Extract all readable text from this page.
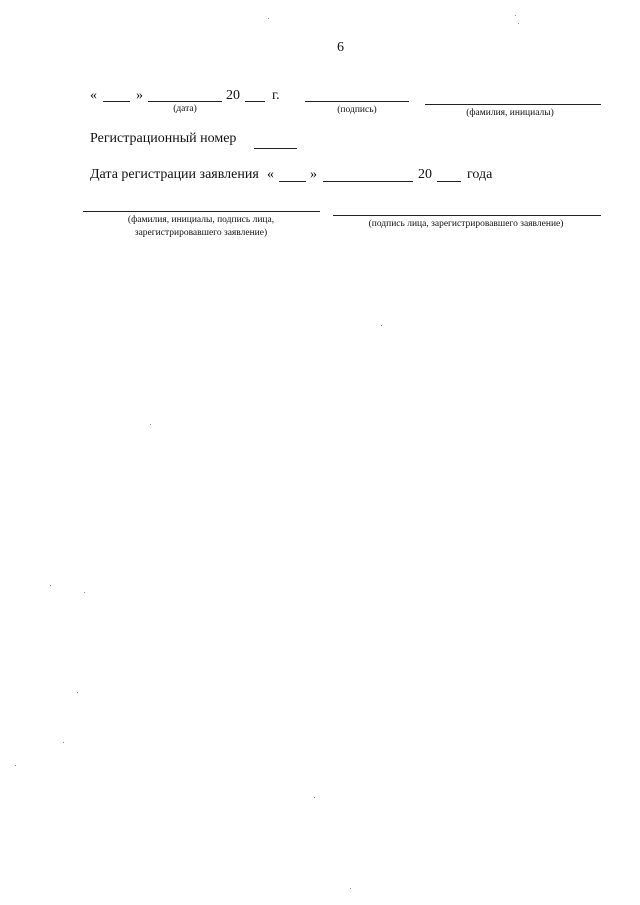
6
«	»	20 г.
(дата)	(подпись)	(фамилия, инициалы)
Регистрационный номер
Дата регистрации заявления «	»	20	года
(фамилия, инициалы, подпись лица,
зарегистрировавшего заявление)
(подпись лица, зарегистрировавшего заявление)
